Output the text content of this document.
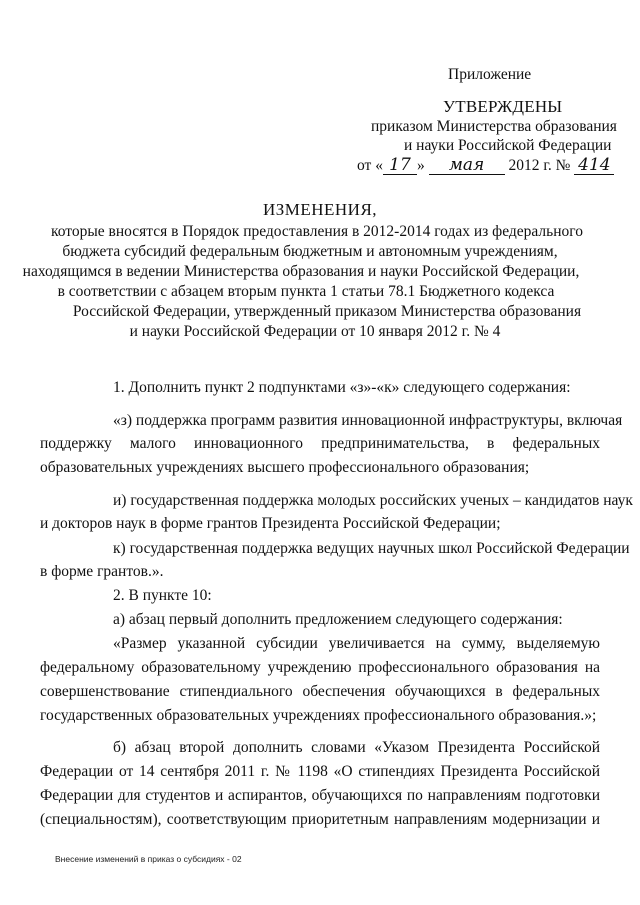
Приложение
УТВЕРЖДЕНЫ
приказом Министерства образования
и науки Российской Федерации
от « 17 » мая 2012 г. № 414
ИЗМЕНЕНИЯ,
которые вносятся в Порядок предоставления в 2012-2014 годах из федерального
бюджета субсидий федеральным бюджетным и автономным учреждениям,
находящимся в ведении Министерства образования и науки Российской Федерации,
в соответствии с абзацем вторым пункта 1 статьи 78.1 Бюджетного кодекса
Российской Федерации, утвержденный приказом Министерства образования
и науки Российской Федерации от 10 января 2012 г. № 4
1. Дополнить пункт 2 подпунктами «з»-«к» следующего содержания:
«з) поддержка программ развития инновационной инфраструктуры, включая
поддержку малого инновационного предпринимательства, в федеральных
образовательных учреждениях высшего профессионального образования;
и) государственная поддержка молодых российских ученых – кандидатов наук
и докторов наук в форме грантов Президента Российской Федерации;
к) государственная поддержка ведущих научных школ Российской Федерации
в форме грантов.».
2. В пункте 10:
а) абзац первый дополнить предложением следующего содержания:
«Размер указанной субсидии увеличивается на сумму, выделяемую
федеральному образовательному учреждению профессионального образования на
совершенствование стипендиального обеспечения обучающихся в федеральных
государственных образовательных учреждениях профессионального образования.»;
б) абзац второй дополнить словами «Указом Президента Российской
Федерации от 14 сентября 2011 г. № 1198 «О стипендиях Президента Российской
Федерации для студентов и аспирантов, обучающихся по направлениям подготовки
(специальностям), соответствующим приоритетным направлениям модернизации и
Внесение изменений в приказ о субсидиях - 02
